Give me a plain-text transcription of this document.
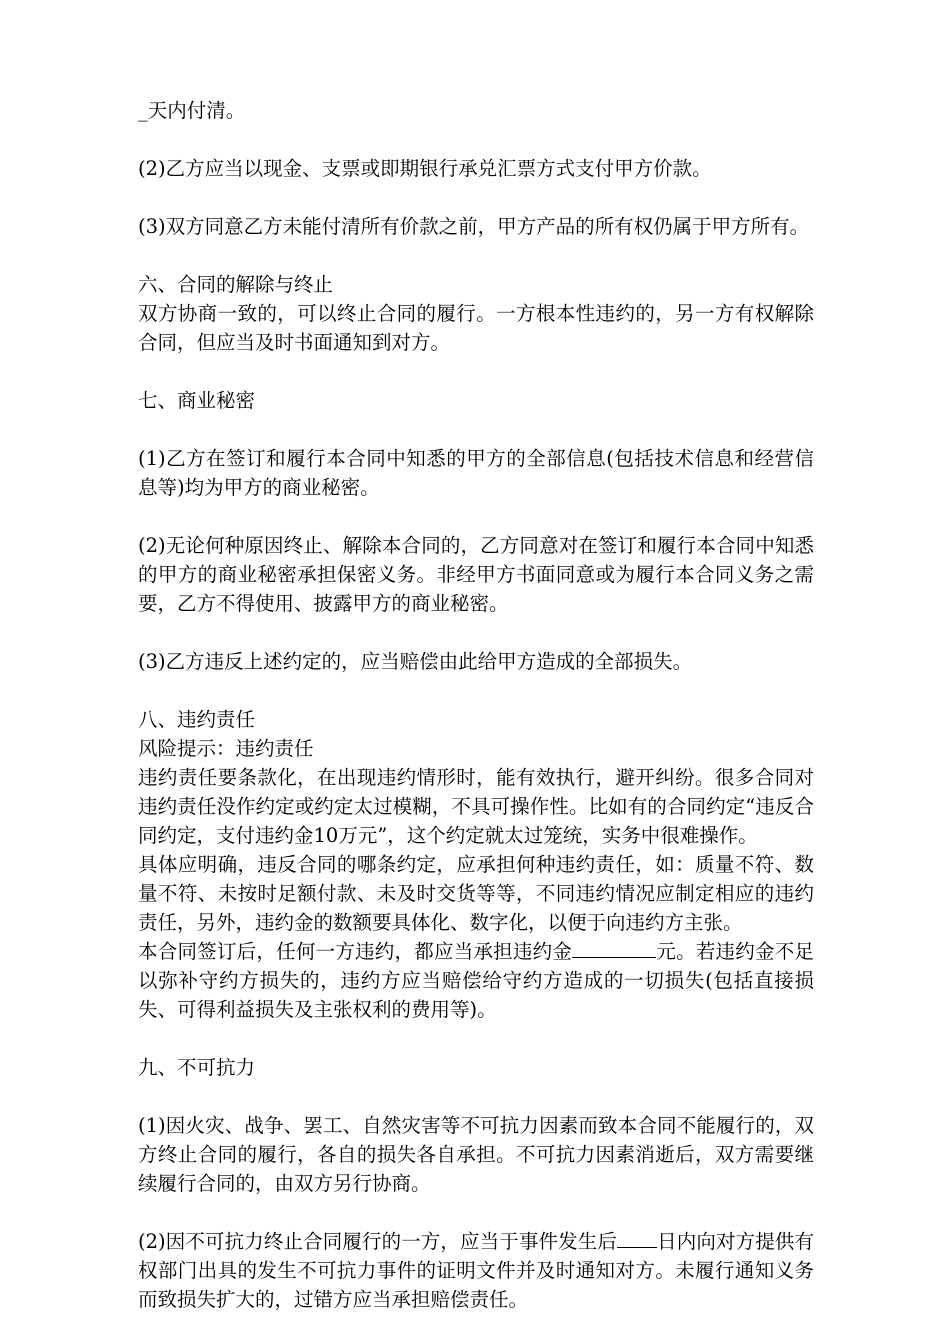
_天内付清。

(2)乙方应当以现金、支票或即期银行承兑汇票方式支付甲方价款。

(3)双方同意乙方未能付清所有价款之前，甲方产品的所有权仍属于甲方所有。

六、合同的解除与终止

双方协商一致的，可以终止合同的履行。一方根本性违约的，另一方有权解除合同，但应当及时书面通知到对方。

七、商业秘密

(1)乙方在签订和履行本合同中知悉的甲方的全部信息(包括技术信息和经营信息等)均为甲方的商业秘密。

(2)无论何种原因终止、解除本合同的，乙方同意对在签订和履行本合同中知悉的甲方的商业秘密承担保密义务。非经甲方书面同意或为履行本合同义务之需要，乙方不得使用、披露甲方的商业秘密。

(3)乙方违反上述约定的，应当赔偿由此给甲方造成的全部损失。

八、违约责任

风险提示：违约责任

违约责任要条款化，在出现违约情形时，能有效执行，避开纠纷。很多合同对违约责任没作约定或约定太过模糊，不具可操作性。比如有的合同约定“违反合同约定，支付违约金10万元”，这个约定就太过笼统，实务中很难操作。

具体应明确，违反合同的哪条约定，应承担何种违约责任，如：质量不符、数量不符、未按时足额付款、未及时交货等等，不同违约情况应制定相应的违约责任，另外，违约金的数额要具体化、数字化，以便于向违约方主张。

本合同签订后，任何一方违约，都应当承担违约金	元。若违约金不足以弥补守约方损失的，违约方应当赔偿给守约方造成的一切损失(包括直接损失、可得利益损失及主张权利的费用等)。

九、不可抗力

(1)因火灾、战争、罢工、自然灾害等不可抗力因素而致本合同不能履行的，双方终止合同的履行，各自的损失各自承担。不可抗力因素消逝后，双方需要继续履行合同的，由双方另行协商。

(2)因不可抗力终止合同履行的一方，应当于事件发生后 日内向对方提供有权部门出具的发生不可抗力事件的证明文件并及时通知对方。未履行通知义务而致损失扩大的，过错方应当承担赔偿责任。
